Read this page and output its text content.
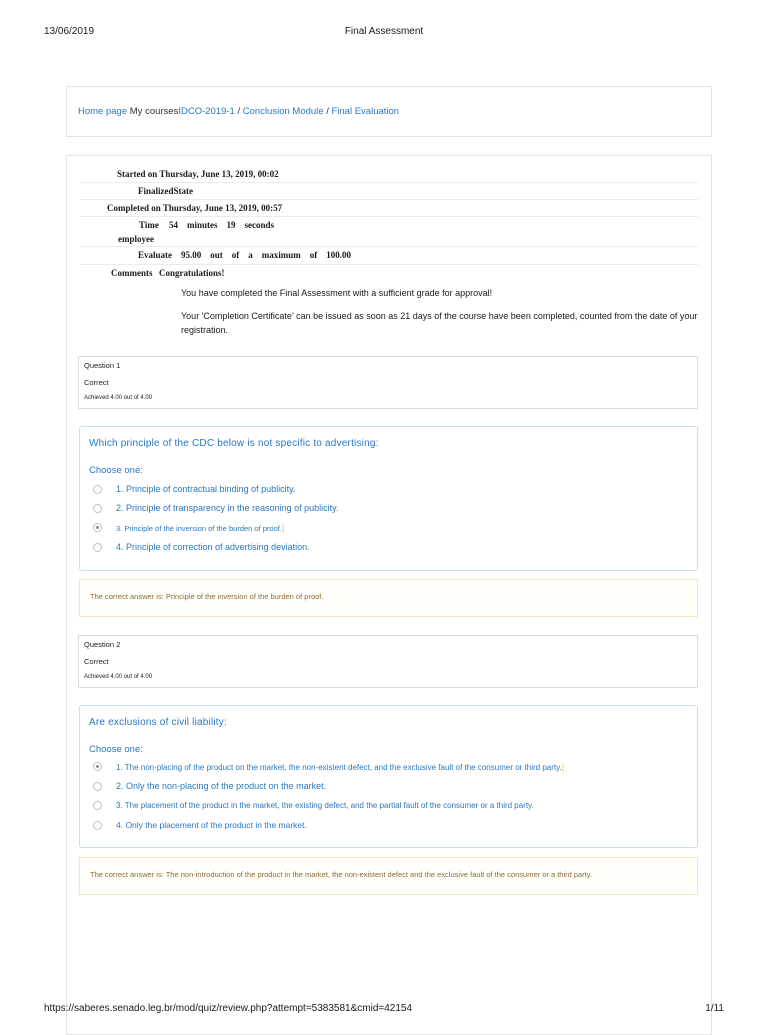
13/06/2019	Final Assessment
Home page My coursesIDCO-2019-1 / Conclusion Module / Final Evaluation
Started on Thursday, June 13, 2019, 00:02
FinalizedState
Completed on Thursday, June 13, 2019, 00:57
Time 54    minutes    19    seconds
employee
Evaluate 95.00    out    of    a    maximum    of    100.00
Comments Congratulations!
You have completed the Final Assessment with a sufficient grade for approval!
Your 'Completion Certificate' can be issued as soon as 21 days of the course have been completed, counted from the date of your registration.
Question 1
Correct
Achieved 4.00 out of 4.00
Which principle of the CDC below is not specific to advertising:
Choose one:
1. Principle of contractual binding of publicity.
2. Principle of transparency in the reasoning of publicity.
3. Principle of the inversion of the burden of proof.|
4. Principle of correction of advertising deviation.
The correct answer is: Principle of the inversion of the burden of proof.
Question 2
Correct
Achieved 4.00 out of 4.00
Are exclusions of civil liability:
Choose one:
1. The non-placing of the product on the market, the non-existent defect, and the exclusive fault of the consumer or third party.|
2. Only the non-placing of the product on the market.
3. The placement of the product in the market, the existing defect, and the partial fault of the consumer or a third party.
4. Only the placement of the product in the market.
The correct answer is: The non-introduction of the product in the market, the non-existent defect and the exclusive fault of the consumer or a third party.
https://saberes.senado.leg.br/mod/quiz/review.php?attempt=5383581&cmid=42154	1/11
